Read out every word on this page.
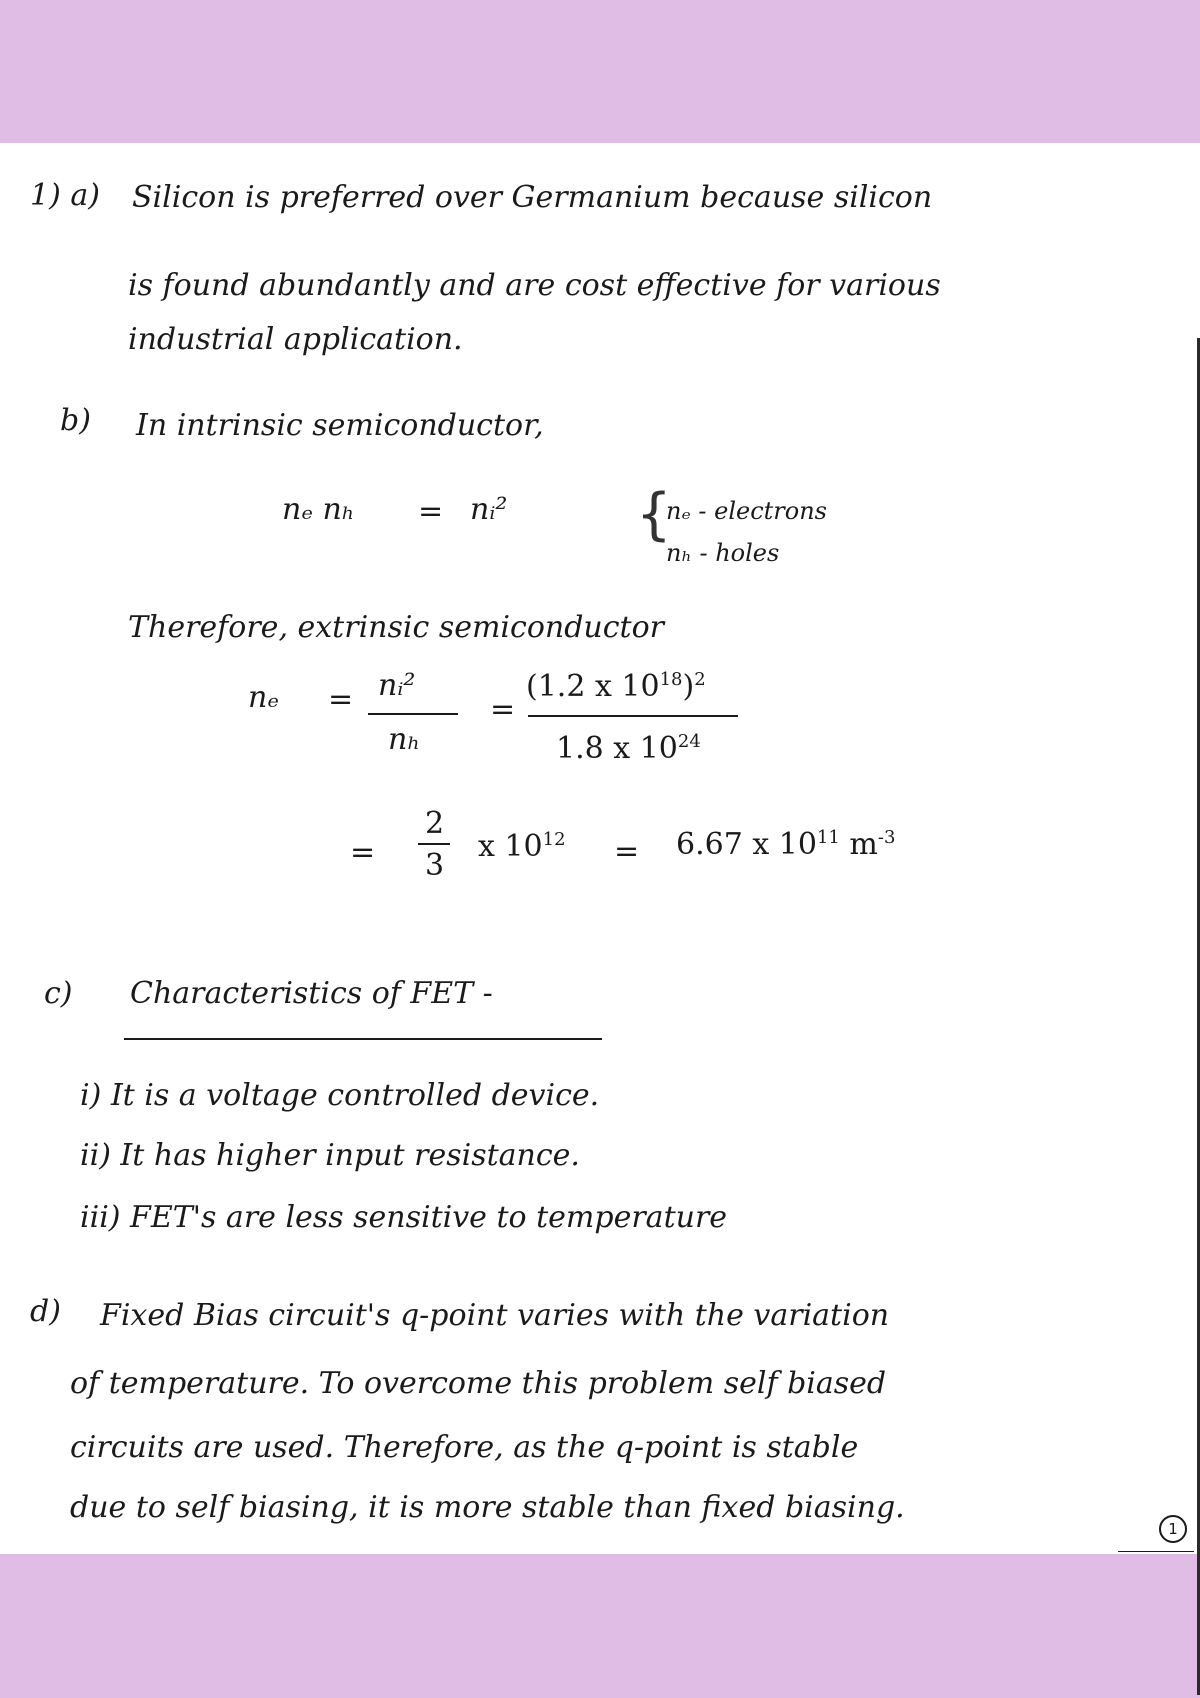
1) a) Silicon is preferred over Germanium because silicon
is found abundantly and are cost effective for various
industrial application.
b) In intrinsic semiconductor,
nₑ nₕ = nᵢ² {
nₑ - electrons
nₕ - holes
Therefore, extrinsic semiconductor
nₑ = nᵢ²
nₕ
=
(1.2 x $10^{18})^2$
1.8 x $10^{24}$
=
2
3
x $10^{12} = 6.67$ x $10^{11}$ $m^{-3}$
c) Characteristics of FET -
i) It is a voltage controlled device.
ii) It has higher input resistance.
iii) FET's are less sensitive to temperature
d) Fixed Bias circuit's q-point varies with the variation
of temperature. To overcome this problem self biased
circuits are used. Therefore, as the q-point is stable
due to self biasing, it is more stable than fixed biasing.
1
